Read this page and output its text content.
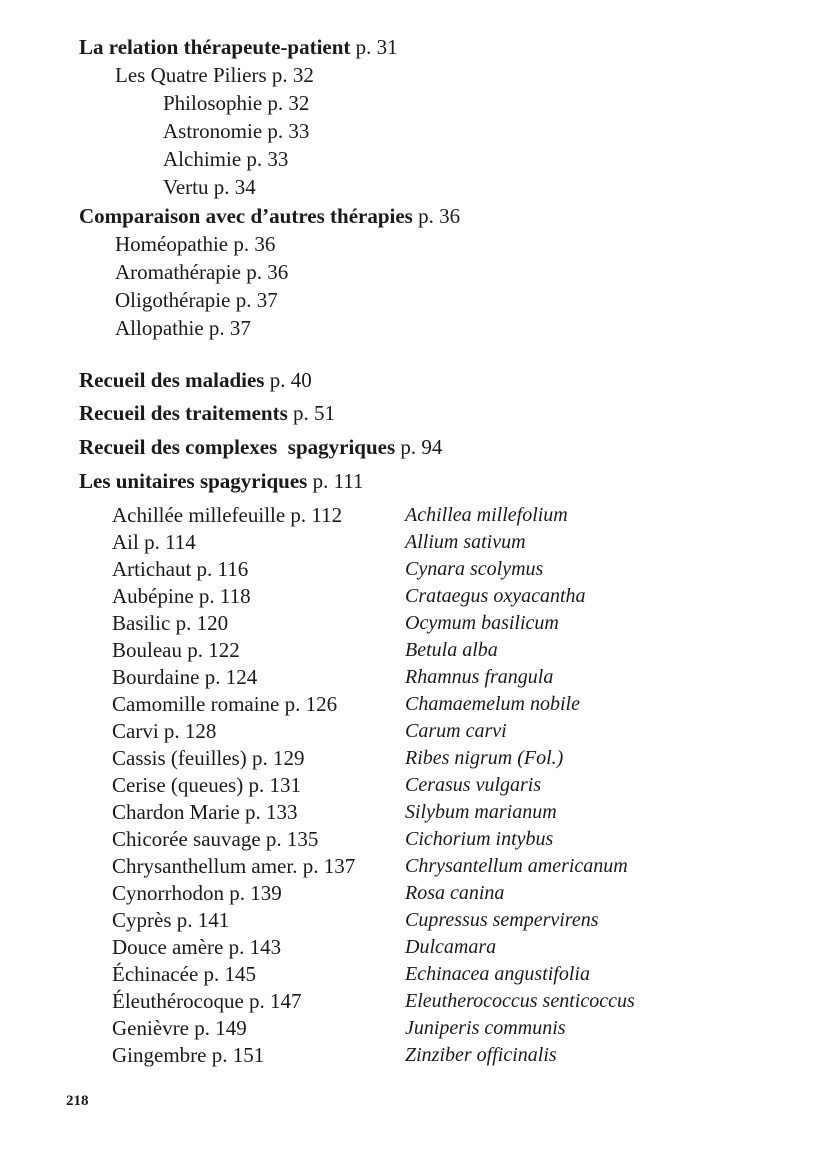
La relation thérapeute-patient p. 31
Les Quatre Piliers p. 32
Philosophie p. 32
Astronomie p. 33
Alchimie p. 33
Vertu p. 34
Comparaison avec d’autres thérapies p. 36
Homéopathie p. 36
Aromathérapie p. 36
Oligothérapie p. 37
Allopathie p. 37
Recueil des maladies p. 40
Recueil des traitements p. 51
Recueil des complexes  spagyriques p. 94
Les unitaires spagyriques p. 111
Achillée millefeuille p. 112	Achillea millefolium
Ail p. 114	Allium sativum
Artichaut p. 116	Cynara scolymus
Aubépine p. 118	Crataegus oxyacantha
Basilic p. 120	Ocymum basilicum
Bouleau p. 122	Betula alba
Bourdaine p. 124	Rhamnus frangula
Camomille romaine p. 126	Chamaemelum nobile
Carvi p. 128	Carum carvi
Cassis (feuilles) p. 129	Ribes nigrum (Fol.)
Cerise (queues) p. 131	Cerasus vulgaris
Chardon Marie p. 133	Silybum marianum
Chicorée sauvage p. 135	Cichorium intybus
Chrysanthellum amer. p. 137 Chrysantellum americanum
Cynorrhodon p. 139	Rosa canina
Cyprès p. 141	Cupressus sempervirens
Douce amère p. 143	Dulcamara
Échinacée p. 145	Echinacea angustifolia
Éleuthérocoque p. 147	Eleutherococcus senticoccus
Genièvre p. 149	Juniperis communis
Gingembre p. 151	Zinziber officinalis
218
